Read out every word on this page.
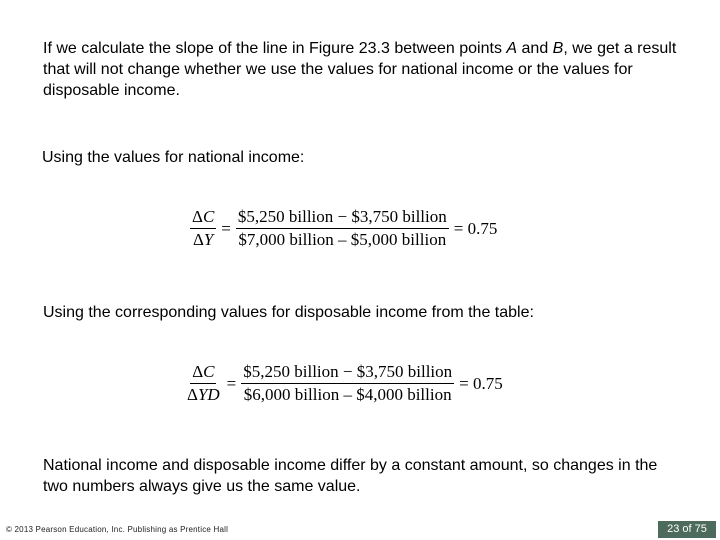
If we calculate the slope of the line in Figure 23.3 between points A and B, we get a result that will not change whether we use the values for national income or the values for disposable income.

Using the values for national income:

$\frac{\Delta C}{\Delta Y} = \frac{\text{\$5,250 billion − \$3,750 billion}}{\text{\$7,000 billion – \$5,000 billion}} = 0.75$

Using the corresponding values for disposable income from the table:

$\frac{\Delta C}{\text{ΔYD}} = \frac{\text{\$5,250 billion − \$3,750 billion}}{\text{\$6,000 billion – \$4,000 billion}} = 0.75$

National income and disposable income differ by a constant amount, so changes in the two numbers always give us the same value.

© 2013 Pearson Education, Inc. Publishing as Prentice Hall	23 of 75
